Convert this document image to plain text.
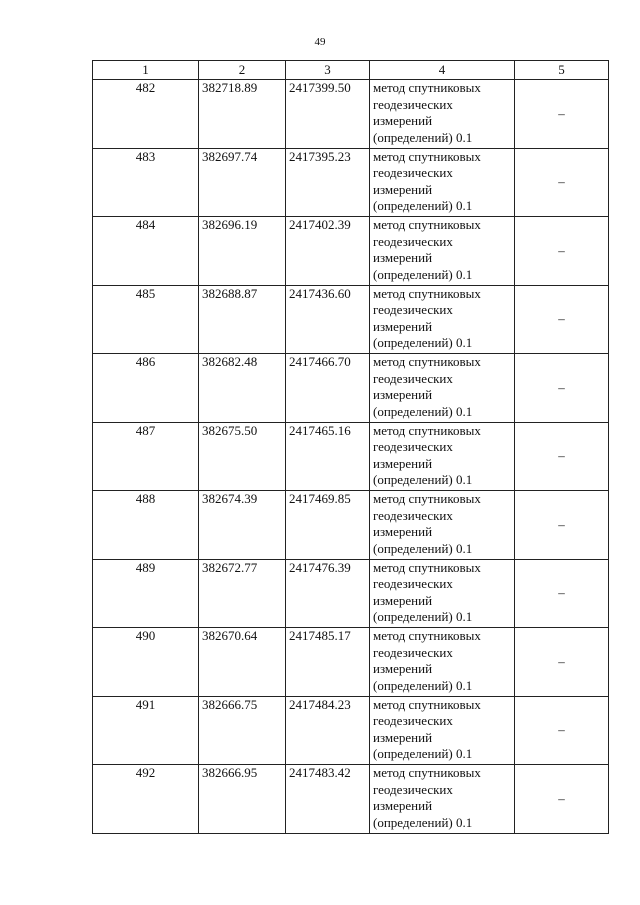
49
1	2	3	4	5
482	382718.89	2417399.50	метод спутниковых
геодезических
измерений
(определений) 0.1	–
483	382697.74	2417395.23	метод спутниковых
геодезических
измерений
(определений) 0.1	–
484	382696.19	2417402.39	метод спутниковых
геодезических
измерений
(определений) 0.1	–
485	382688.87	2417436.60	метод спутниковых
геодезических
измерений
(определений) 0.1	–
486	382682.48	2417466.70	метод спутниковых
геодезических
измерений
(определений) 0.1	–
487	382675.50	2417465.16	метод спутниковых
геодезических
измерений
(определений) 0.1	–
488	382674.39	2417469.85	метод спутниковых
геодезических
измерений
(определений) 0.1	–
489	382672.77	2417476.39	метод спутниковых
геодезических
измерений
(определений) 0.1	–
490	382670.64	2417485.17	метод спутниковых
геодезических
измерений
(определений) 0.1	–
491	382666.75	2417484.23	метод спутниковых
геодезических
измерений
(определений) 0.1	–
492	382666.95	2417483.42	метод спутниковых
геодезических
измерений
(определений) 0.1	–
